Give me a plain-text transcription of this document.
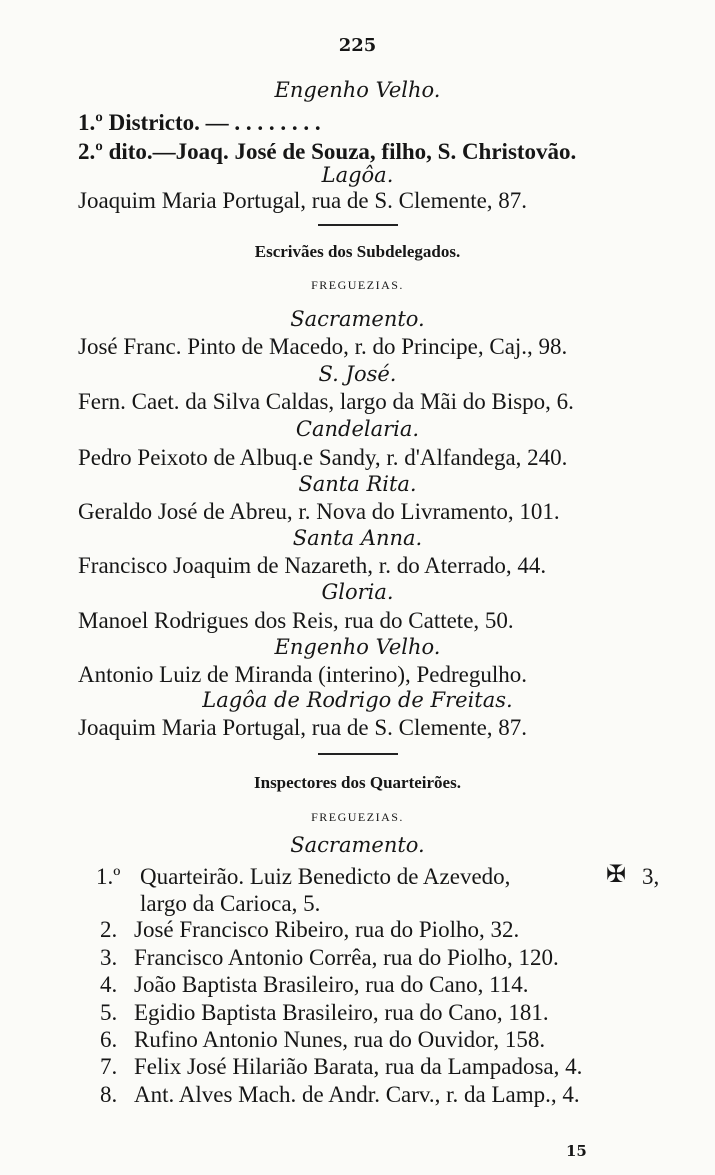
225
Engenho Velho.
1.º Districto. — . . . . . . . .
2.º dito.—Joaq. José de Souza, filho, S. Christovão.
Lagôa.
Joaquim Maria Portugal, rua de S. Clemente, 87.
Escrivães dos Subdelegados.
FREGUEZIAS.
Sacramento.
José Franc. Pinto de Macedo, r. do Principe, Caj., 98.
S. José.
Fern. Caet. da Silva Caldas, largo da Mãi do Bispo, 6.
Candelaria.
Pedro Peixoto de Albuq.e Sandy, r. d'Alfandega, 240.
Santa Rita.
Geraldo José de Abreu, r. Nova do Livramento, 101.
Santa Anna.
Francisco Joaquim de Nazareth, r. do Aterrado, 44.
Gloria.
Manoel Rodrigues dos Reis, rua do Cattete, 50.
Engenho Velho.
Antonio Luiz de Miranda (interino), Pedregulho.
Lagôa de Rodrigo de Freitas.
Joaquim Maria Portugal, rua de S. Clemente, 87.
Inspectores dos Quarteirões.
FREGUEZIAS.
Sacramento.
1.º Quarteirão. Luiz Benedicto de Azevedo,	✠ 3,
largo da Carioca, 5.
2. José Francisco Ribeiro, rua do Piolho, 32.
3. Francisco Antonio Corrêa, rua do Piolho, 120.
4. João Baptista Brasileiro, rua do Cano, 114.
5. Egidio Baptista Brasileiro, rua do Cano, 181.
6. Rufino Antonio Nunes, rua do Ouvidor, 158.
7. Felix José Hilarião Barata, rua da Lampadosa, 4.
8. Ant. Alves Mach. de Andr. Carv., r. da Lamp., 4.
15
